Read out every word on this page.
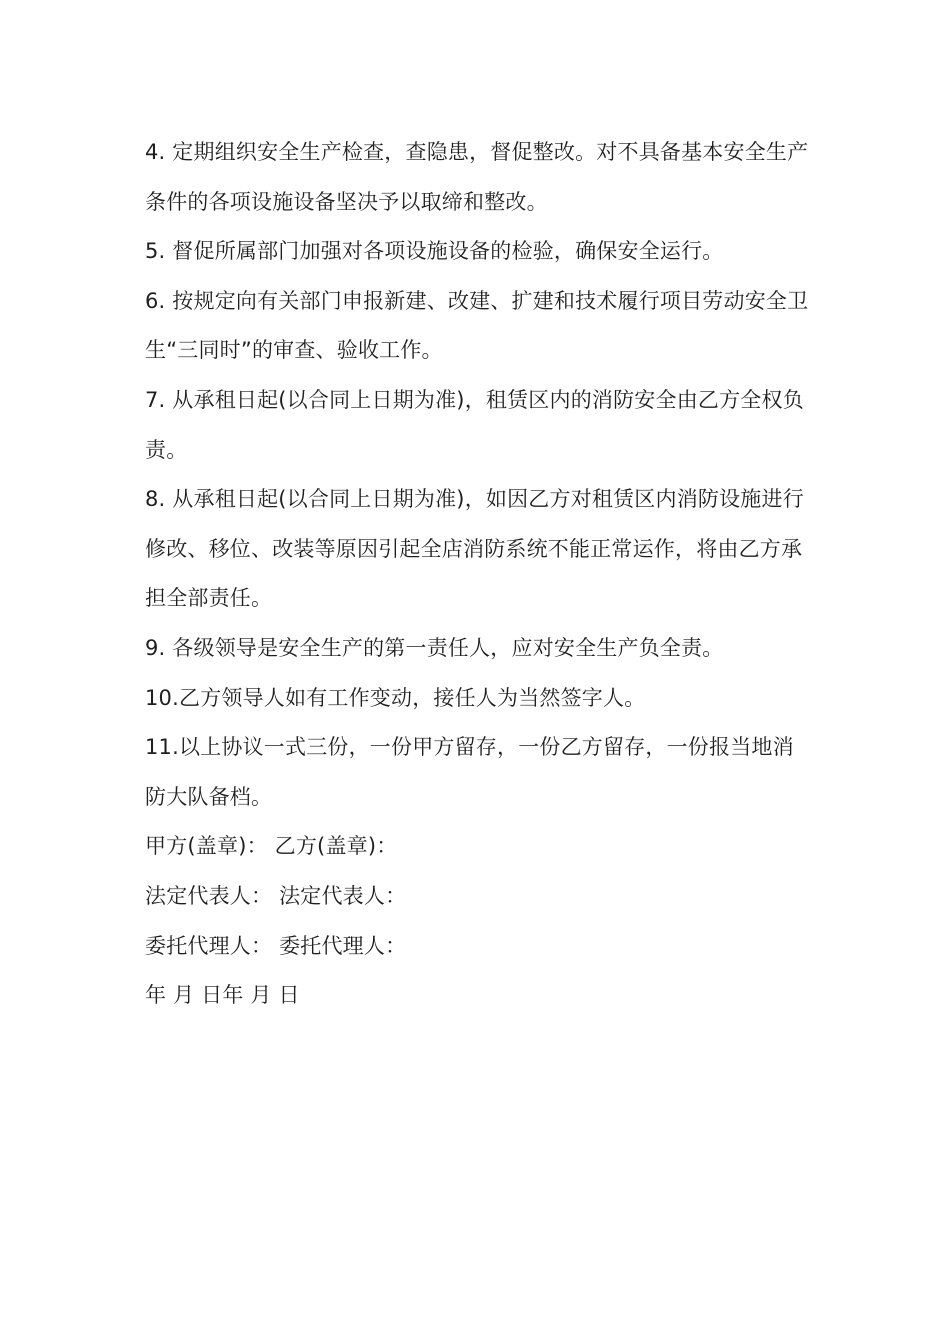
4. 定期组织安全生产检查，查隐患，督促整改。对不具备基本安全生产条件的各项设施设备坚决予以取缔和整改。

5. 督促所属部门加强对各项设施设备的检验，确保安全运行。

6. 按规定向有关部门申报新建、改建、扩建和技术履行项目劳动安全卫生“三同时”的审查、验收工作。

7. 从承租日起(以合同上日期为准)，租赁区内的消防安全由乙方全权负责。

8. 从承租日起(以合同上日期为准)，如因乙方对租赁区内消防设施进行修改、移位、改装等原因引起全店消防系统不能正常运作，将由乙方承担全部责任。

9. 各级领导是安全生产的第一责任人，应对安全生产负全责。

10.乙方领导人如有工作变动，接任人为当然签字人。

11.以上协议一式三份，一份甲方留存，一份乙方留存，一份报当地消防大队备档。

甲方(盖章)： 乙方(盖章)：

法定代表人： 法定代表人：

委托代理人： 委托代理人：

年 月 日年 月 日
